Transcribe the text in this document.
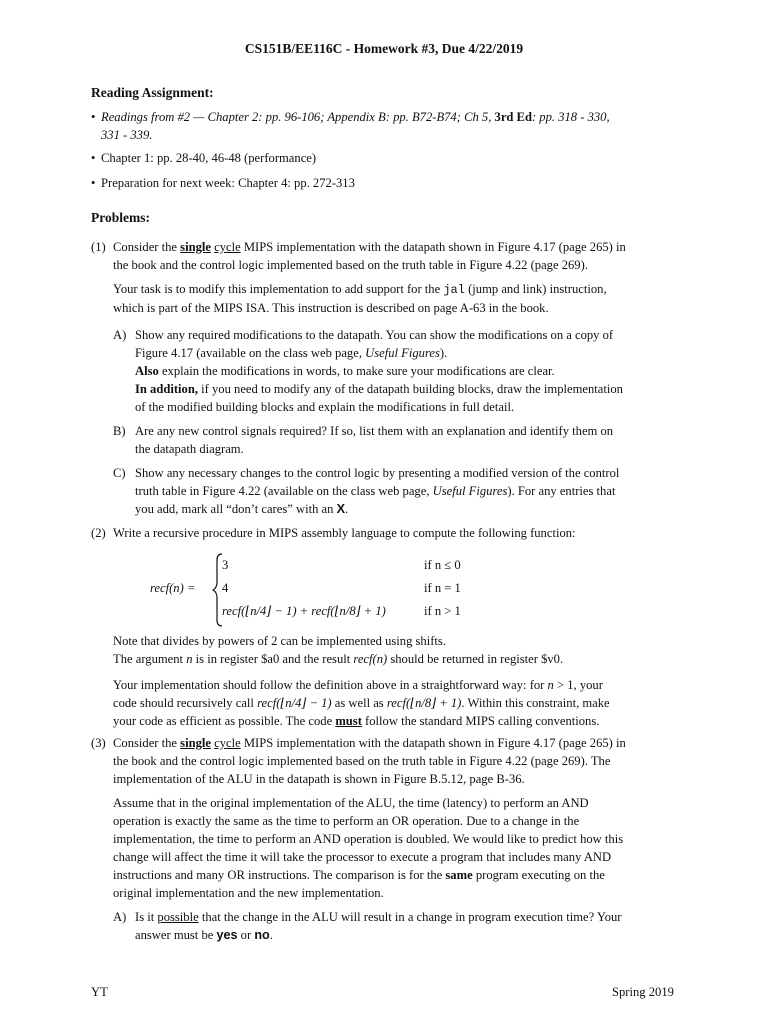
CS151B/EE116C - Homework #3, Due 4/22/2019
Reading Assignment:
• Readings from #2 — Chapter 2: pp. 96-106; Appendix B: pp. B72-B74; Ch 5, 3rd Ed: pp. 318 - 330,
331 - 339.
• Chapter 1: pp. 28-40, 46-48 (performance)
• Preparation for next week: Chapter 4: pp. 272-313
Problems:
(1) Consider the single cycle MIPS implementation with the datapath shown in Figure 4.17 (page 265) in
the book and the control logic implemented based on the truth table in Figure 4.22 (page 269).
Your task is to modify this implementation to add support for the jal (jump and link) instruction,
which is part of the MIPS ISA. This instruction is described on page A-63 in the book.
A) Show any required modifications to the datapath. You can show the modifications on a copy of
Figure 4.17 (available on the class web page, Useful Figures).
Also explain the modifications in words, to make sure your modifications are clear.
In addition, if you need to modify any of the datapath building blocks, draw the implementation
of the modified building blocks and explain the modifications in full detail.
B) Are any new control signals required? If so, list them with an explanation and identify them on
the datapath diagram.
C) Show any necessary changes to the control logic by presenting a modified version of the control
truth table in Figure 4.22 (available on the class web page, Useful Figures). For any entries that
you add, mark all “don’t cares” with an X.
(2) Write a recursive procedure in MIPS assembly language to compute the following function:
recf(n) =
3
4
recf(⌊n/4⌋ − 1) + recf(⌊n/8⌋ + 1)
if n ≤ 0
if n = 1
if n > 1
Note that divides by powers of 2 can be implemented using shifts.
The argument n is in register $a0 and the result recf(n) should be returned in register $v0.
Your implementation should follow the definition above in a straightforward way: for n > 1, your
code should recursively call recf(⌊n/4⌋ − 1) as well as recf(⌊n/8⌋ + 1). Within this constraint, make
your code as efficient as possible. The code must follow the standard MIPS calling conventions.
(3) Consider the single cycle MIPS implementation with the datapath shown in Figure 4.17 (page 265) in
the book and the control logic implemented based on the truth table in Figure 4.22 (page 269). The
implementation of the ALU in the datapath is shown in Figure B.5.12, page B-36.
Assume that in the original implementation of the ALU, the time (latency) to perform an AND
operation is exactly the same as the time to perform an OR operation. Due to a change in the
implementation, the time to perform an AND operation is doubled. We would like to predict how this
change will affect the time it will take the processor to execute a program that includes many AND
instructions and many OR instructions. The comparison is for the same program executing on the
original implementation and the new implementation.
A) Is it possible that the change in the ALU will result in a change in program execution time? Your
answer must be yes or no.
YT	Spring 2019
